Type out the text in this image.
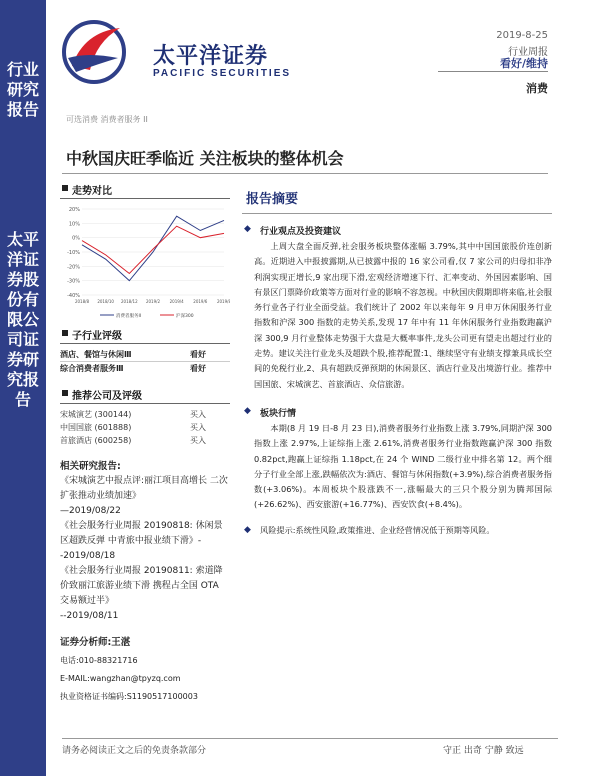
行业研究报告
太平洋证券股份有限公司证券研究报告
太平洋证券
PACIFIC SECURITIES
2019-8-25
行业周报
看好/维持
消费
可选消费 消费者服务 II
中秋国庆旺季临近 关注板块的整体机会
走势对比
20%
10%
0%
-10%
-20%
-30%
-40%
2018/8 2018/10 2018/12 2019/2 2019/4 2019/6 2019/8
消费者服务II	沪深300
子行业评级
酒店、餐馆与休闲Ⅲ	看好
综合消费者服务Ⅲ	看好
推荐公司及评级
宋城演艺 (300144)	买入
中国国旅 (601888)	买入
首旅酒店 (600258)	买入
相关研究报告:
《宋城演艺中报点评:丽江项目高增长 二次扩张推动业绩加速》
—2019/08/22
《社会服务行业周报 20190818: 休闲景区超跌反弹 中青旅中报业绩下滑》--2019/08/18
《社会服务行业周报 20190811: 索道降价致丽江旅游业绩下滑 携程占全国 OTA 交易额过半》
--2019/08/11
证券分析师:王湛
电话:010-88321716
E-MAIL:wangzhan@tpyzq.com
执业资格证书编码:S1190517100003
报告摘要
◆ 行业观点及投资建议
上周大盘全面反弹,社会服务板块整体涨幅 3.79%,其中中国国旅股价连创新高。近期进入中报披露期,从已披露中报的 16 家公司看,仅 7 家公司的归母扣非净利润实现正增长,9 家出现下滑,宏观经济增速下行、汇率变动、外国因素影响、国有景区门票降价政策等方面对行业的影响不容忽视。中秋国庆假期即将来临,社会服务行业各子行业全面受益。我们统计了 2002 年以来每年 9 月申万休闲服务行业指数和沪深 300 指数的走势关系,发现 17 年中有 11 年休闲服务行业指数跑赢沪深 300,9 月行业整体走势强于大盘是大概率事件,龙头公司更有望走出超过行业的走势。建议关注行业龙头及超跌个股,推荐配置:1、继续坚守有业绩支撑兼具成长空间的免税行业,2、具有超跌反弹预期的休闲景区、酒店行业及出境游行业。推荐中国国旅、宋城演艺、首旅酒店、众信旅游。
◆ 板块行情
本期(8 月 19 日-8 月 23 日),消费者服务行业指数上涨 3.79%,同期沪深 300 指数上涨 2.97%,上证综指上涨 2.61%,消费者服务行业指数跑赢沪深 300 指数 0.82pct,跑赢上证综指 1.18pct,在 24 个 WIND 二级行业中排名第 12。两个细分子行业全部上涨,跌幅依次为:酒店、餐馆与休闲指数(+3.9%),综合消费者服务指数(+3.06%)。本周板块个股涨跌不一,涨幅最大的三只个股分别为腾邦国际(+26.62%)、西安旅游(+16.77%)、西安饮食(+8.4%)。
◆ 风险提示:系统性风险,政策推进、企业经营情况低于预期等风险。
请务必阅读正文之后的免责条款部分	守正 出奇 宁静 致远
